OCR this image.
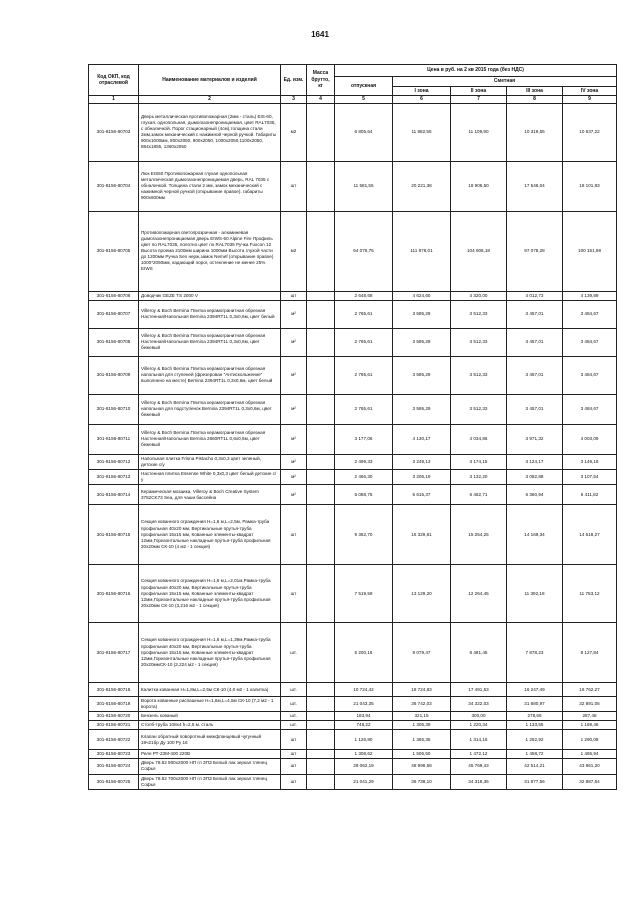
1641
Код ОКП, код отраслевой	Наименование материалов и изделий	Ед. изм.	Масса брутто, кг	Цена в руб. на 2 кв 2015 года (без НДС)				
				отпускная	Сметная			
					I зона	II зона	III зона	IV зона
1	2	3	4	5	6	7	8	9
301-8156-80703	Дверь металлическая противопожарная (2мм - сталь) EIS-60, глухая, однопольная, дымогазонепроницаемая, цвет RAL7035, с обналичкой. Порог стационарный (4см),толщина стали 2мм,замок механический с нажимной черной ручкой. Габариты 900х1000мм, 800х2050, 900х2050, 1000х2050,1100х2050, 884х1855, 1360х2050	м2		6 805,64	11 882,55	11 109,90	10 319,55	10 637,22
301-8156-80704	Люк EIS60 Противопожарная глухая однопольная металлическая дымогазонепроницаемая дверь, RAL 7035 с обналичкой. Толщина стали 2 мм, замок механический с нажимной черной ручкой (открывание правое). габариты 900х600мм	шт		11 581,55	20 221,38	18 906,50	17 546,04	18 101,93
301-8156-80705	Противопожарная светопрозрачная - алюминевая дымогазонепроницаемая дверь EIWS-60 Alpine Fire Профиль цвет по RAL7035, полотно цвет по RAL7035 Ручка Fuxcon 12 Высота проема 2100мм ширина 1000мм Высота глухой части до 1200мм Ручка Sen нерж,замок Nemef (открывание правое) 1000*2050мм, кадающий порог, остекление не менее 25% EIWS	м2		64 076,75	111 878,01	104 606,18	97 078,28	100 151,98
301-8156-80706	Доводчик GEZE TS 2000 V	шт		2 648,68	4 624,60	4 320,00	4 012,73	4 139,89
301-8156-80707	Villeroy & Boch Bernina Плитка керамогранитная обрезная Настенная/Напольная Bernina 2394RT1L 0,3x0,6м, цвет белый	м²		2 765,61	3 595,29	3 512,33	3 457,01	3 484,67
301-8156-80708	Villeroy & Boch Bernina Плитка керамогранитная обрезная Настенная/Напольная Bernina 2394RT1L 0,3x0,6м, цвет бежевый	м²		2 765,61	3 595,29	3 512,33	3 457,01	3 484,67
301-8156-80709	Villeroy & Boch Bernina Плитка керамогранитная обрезная напольная для ступеней (фрезерован "Антискольжение" выполнено на месте) Bernina 2394RT1L 0,3x0,6м, цвет белый	м²		2 765,61	3 595,29	3 512,33	3 457,01	3 484,67
301-8156-80710	Villeroy & Boch Bernina Плитка керамогранитная обрезная напольная для подступенок Bernina 2394RT1L 0,3x0,6м, цвет бежевый	м²		2 765,61	3 595,29	3 512,33	3 457,01	3 484,67
301-8156-80711	Villeroy & Boch Bernina Плитка керамогранитная обрезная Настенная/Напольная Bernina 2660RT1L 0,6x0,6м, цвет бежевый	м²		3 177,06	4 130,17	4 034,86	3 971,32	4 003,09
301-8156-80712	Напольная плитка Frisna Pistacho 0,3x0,3 цвет зеленый, детские с/у	м²		2 499,33	3 249,13	3 174,15	3 124,17	3 149,16
301-8156-80713	Настенная плитка Essense White 0,3x0,3 цвет белый детские с/у	м²		2 466,30	3 206,19	3 132,20	3 082,88	3 107,54
301-8156-80714	Керамическая мозаика, Villeroy & Boch Creative System 3752CK73 Sea, для чаши бассейна	м²		5 088,75	6 615,37	6 462,71	6 360,94	6 411,82
301-8156-80715	Секция кованного ограждения H=1,6 м,L=2,5м, Рамка-труба профильная 40х20 мм, Вертикальные прутья-труба профильная 15х15 мм, Кованные элементы-квадрат 12мм,Горизонтальные накладные прутья-труба профильная 20х20мм СК-10 (4 м2 - 1 секция)	шт		9 362,70	16 329,81	15 254,25	14 169,34	14 618,27
301-8156-80716	Секция кованного ограждения H=1,6 м,L=2,01м,Рамка-труба профильная 40х20 мм, Вертикальные прутья-труба профильная 15х15 мм, Кованные элементы-квадрат 12мм,Горизонтальные накладные прутья-труба профильная 20х20мм СК-10 (3,216 м2 - 1 секция)	шт		7 519,59	13 129,20	12 264,45	11 392,18	11 753,12
301-8156-80717	Секция кованного ограждения H=1,6 м,L=1,39м,Рамка-труба профильная 40х20 мм, Вертикальные прутья-труба профильная 15х15 мм, Кованные элементы-квадрат 12мм,Горизонтальные накладные прутья-труба профильная 20х20ммСК-10 (2,224 м2 - 1 секция)	шт.		5 200,16	9 079,47	8 481,45	7 878,23	8 127,84
301-8156-80718	Калитка кованная H=1,8м,L=2,5м СК-10 (4,0 м2 - 1 калитка)	шт.		10 724,42	18 724,83	17 491,53	16 247,49	16 762,27
301-8156-80719	Ворота кованные распашные H=1,6м,L=4,5м СК-10 (7,2 м2 - 1 ворота)	шт.		21 043,35	36 742,03	34 322,03	31 880,97	32 891,06
301-8156-80720	Бензель кованый	шт.		183,94	321,15	300,00	278,66	287,48
301-8156-80721	Столб-труба 108х4 h=2,5 м. сталь	шт.		748,22	1 306,39	1 220,34	1 133,55	1 169,46
301-8156-80722	Клапан обратный поворотный межфланцевый чугунный 19ч21бр Ду 100 Ру 16	шт		1 126,80	1 365,35	1 314,16	1 262,92	1 290,08
301-8156-80723	Реле РТ-23М-400 220В	шт		1 308,62	1 506,50	1 472,12	1 458,72	1 465,94
301-8156-80724	Дверь 78.62 900х2000 НП гл ЗПЗ Белый лак зеркал глянец Софья	шт		28 062,19	48 998,58	45 769,43	42 514,21	43 861,20
301-8156-80725	Дверь 78.62 700х2000 НП гл ЗПЗ Белый лак зеркал глянец Софья	шт		21 041,29	36 738,10	34 318,35	31 877,56	32 887,54
